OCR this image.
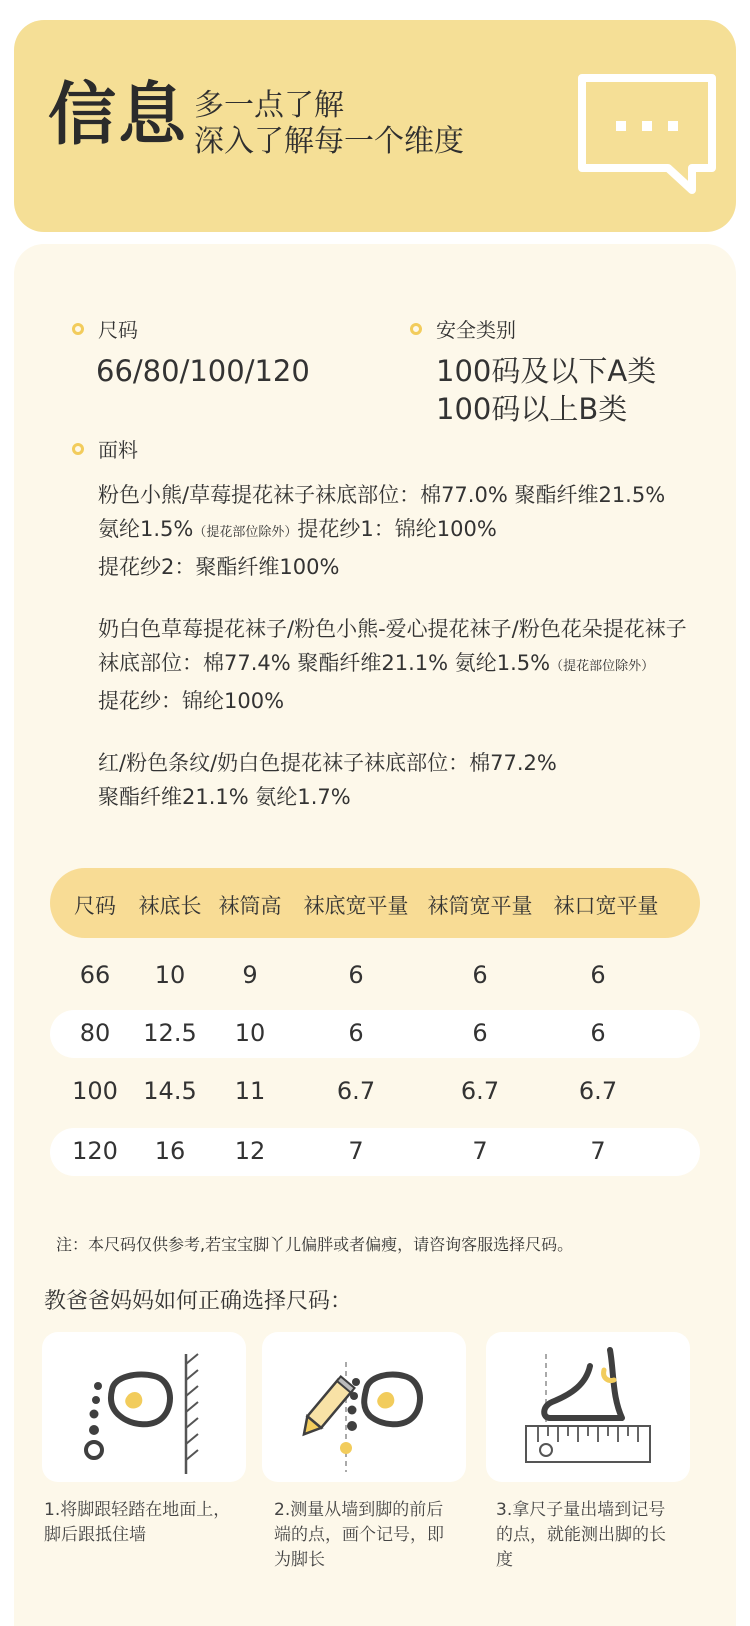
信息 多一点了解
深入了解每一个维度
尺码
66/80/100/120
安全类别
100码及以下A类
100码以上B类
面料
粉色小熊/草莓提花袜子袜底部位：棉77.0% 聚酯纤维21.5%
氨纶1.5%（提花部位除外）提花纱1：锦纶100%
提花纱2：聚酯纤维100%
奶白色草莓提花袜子/粉色小熊-爱心提花袜子/粉色花朵提花袜子
袜底部位：棉77.4% 聚酯纤维21.1% 氨纶1.5%（提花部位除外）
提花纱：锦纶100%
红/粉色条纹/奶白色提花袜子袜底部位：棉77.2%
聚酯纤维21.1% 氨纶1.7%
尺码 袜底长 袜筒高 袜底宽平量 袜筒宽平量 袜口宽平量
66 10 9	6	6	6
80 12.5 10	6	6	6
100 14.5 11	6.7	6.7	6.7
120 16 12	7	7	7
注：本尺码仅供参考,若宝宝脚丫儿偏胖或者偏瘦，请咨询客服选择尺码。
教爸爸妈妈如何正确选择尺码：
1.将脚跟轻踏在地面上，
脚后跟抵住墙
2.测量从墙到脚的前后
端的点，画个记号，即
为脚长
3.拿尺子量出墙到记号
的点，就能测出脚的长
度
